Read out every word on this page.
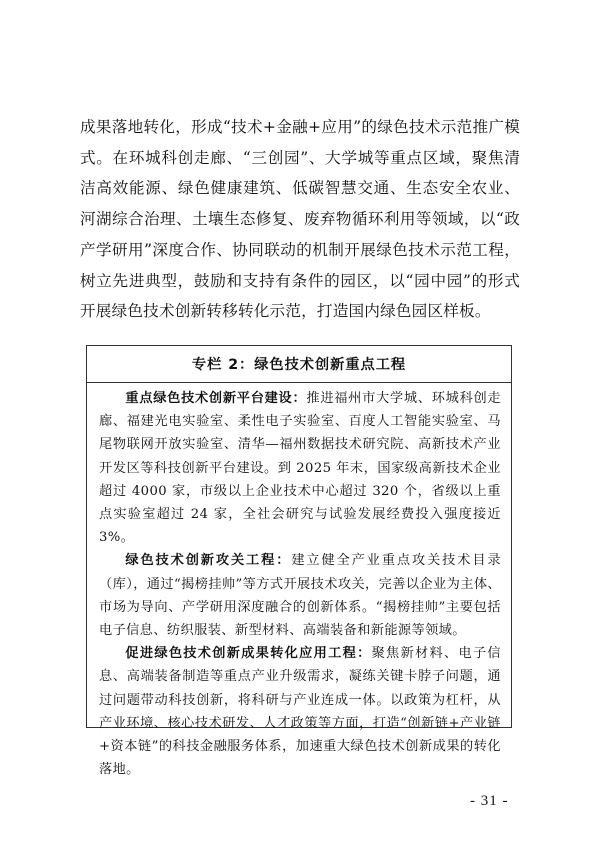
成果落地转化，形成“技术+金融+应用”的绿色技术示范推广模式。在环城科创走廊、“三创园”、大学城等重点区域，聚焦清洁高效能源、绿色健康建筑、低碳智慧交通、生态安全农业、河湖综合治理、土壤生态修复、废弃物循环利用等领域，以“政产学研用”深度合作、协同联动的机制开展绿色技术示范工程，树立先进典型，鼓励和支持有条件的园区，以“园中园”的形式开展绿色技术创新转移转化示范，打造国内绿色园区样板。

专栏 2：绿色技术创新重点工程

重点绿色技术创新平台建设：推进福州市大学城、环城科创走廊、福建光电实验室、柔性电子实验室、百度人工智能实验室、马尾物联网开放实验室、清华—福州数据技术研究院、高新技术产业开发区等科技创新平台建设。到 2025 年末，国家级高新技术企业超过 4000 家，市级以上企业技术中心超过 320 个，省级以上重点实验室超过 24 家，全社会研究与试验发展经费投入强度接近 3%。

绿色技术创新攻关工程：建立健全产业重点攻关技术目录（库），通过“揭榜挂帅”等方式开展技术攻关，完善以企业为主体、市场为导向、产学研用深度融合的创新体系。“揭榜挂帅”主要包括电子信息、纺织服装、新型材料、高端装备和新能源等领域。

促进绿色技术创新成果转化应用工程：聚焦新材料、电子信息、高端装备制造等重点产业升级需求，凝练关键卡脖子问题，通过问题带动科技创新，将科研与产业连成一体。以政策为杠杆，从产业环境、核心技术研发、人才政策等方面，打造“创新链+产业链+资本链”的科技金融服务体系，加速重大绿色技术创新成果的转化落地。

- 31 -
